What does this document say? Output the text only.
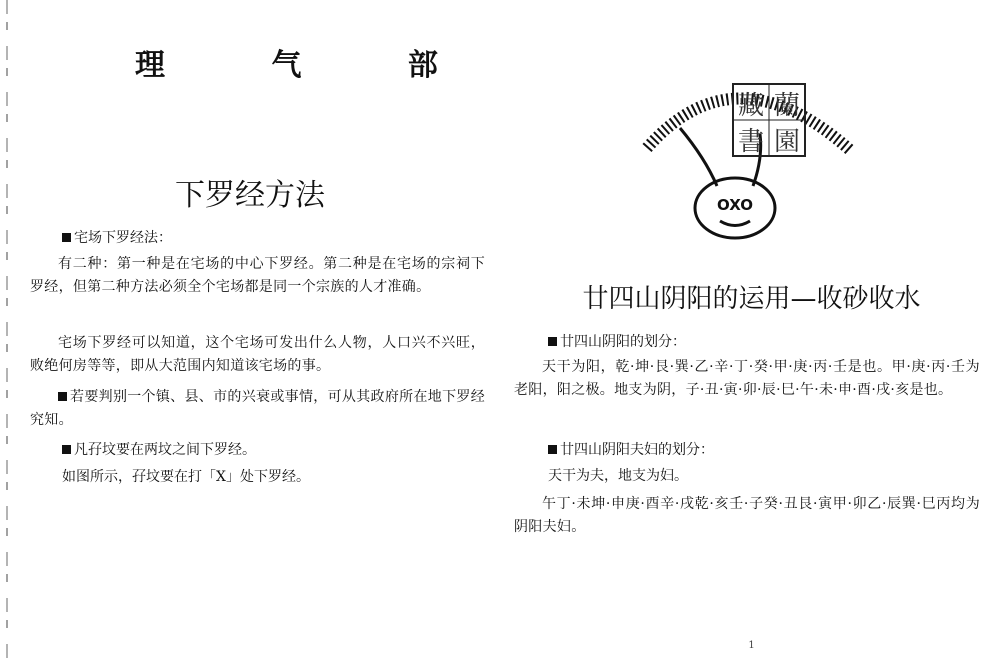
理 气 部
下罗经方法
宅场下罗经法：
有二种：第一种是在宅场的中心下罗经。第二种是在宅场的宗祠下罗经，但第二种方法必须全个宅场都是同一个宗族的人才准确。
宅场下罗经可以知道，这个宅场可发出什么人物，人口兴不兴旺，败绝何房等等，即从大范围内知道该宅场的事。
若要判别一个镇、县、市的兴衰或事情，可从其政府所在地下罗经究知。
凡孖坟要在两坟之间下罗经。
如图所示，孖坟要在打「X」处下罗经。
OXO
藏
書
蘭
園
廿四山阴阳的运用—收砂收水
廿四山阴阳的划分：
天干为阳，乾·坤·艮·巽·乙·辛·丁·癸·甲·庚·丙·壬是也。甲·庚·丙·壬为老阳，阳之极。地支为阴，子·丑·寅·卯·辰·巳·午·未·申·酉·戌·亥是也。
廿四山阴阳夫妇的划分：
天干为夫，地支为妇。
午丁·未坤·申庚·酉辛·戌乾·亥壬·子癸·丑艮·寅甲·卯乙·辰巽·巳丙均为阴阳夫妇。
1
